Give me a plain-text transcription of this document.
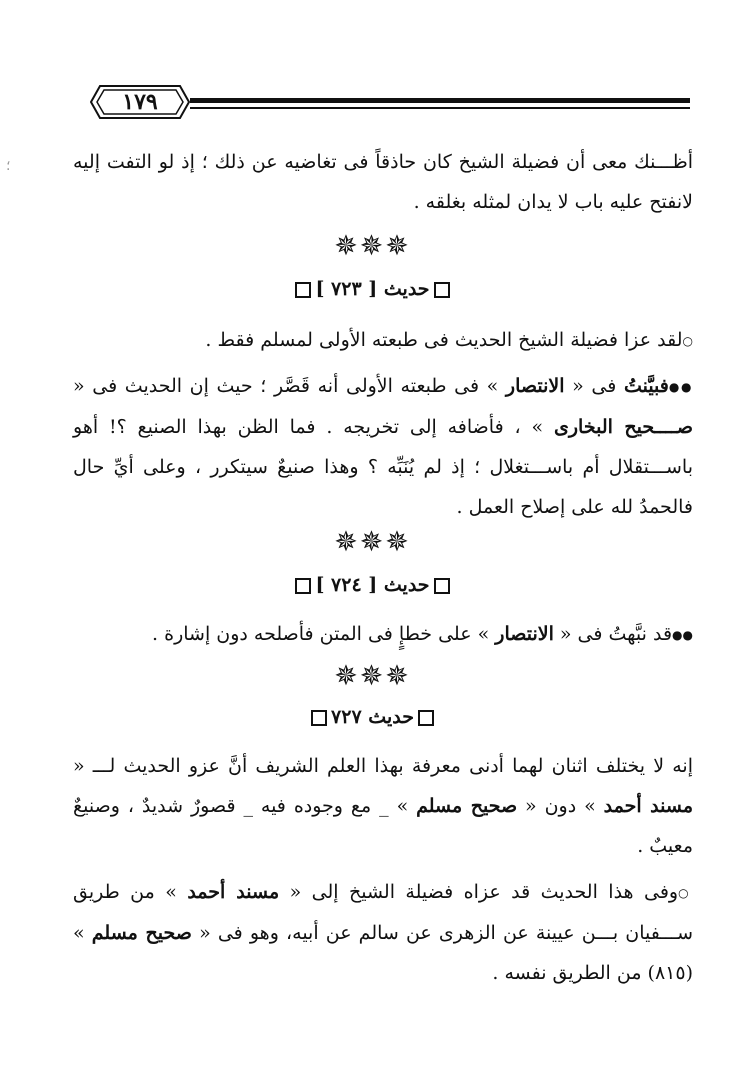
؛
١٧٩
أظـــنك معى أن فضيلة الشيخ كان حاذقاً فى تغاضيه عن ذلك ؛ إذ لو التفت إليه لانفتح عليه باب لا يدان لمثله بغلقه .
✵✵✵
حديث [ ٧٢٣ ]
○لقد عزا فضيلة الشيخ الحديث فى طبعته الأولى لمسلم فقط .
●●فبيَّنتُ فى « الانتصار » فى طبعته الأولى أنه قَصَّر ؛ حيث إن الحديث فى « صــــحيح البخارى » ، فأضافه إلى تخريجه . فما الظن بهذا الصنيع ؟! أهو باســـتقلال أم باســـتغلال ؛ إذ لم يُنَبِّه ؟ وهذا صنيعٌ سيتكرر ، وعلى أيِّ حال فالحمدُ لله على إصلاح العمل .
✵✵✵
حديث [ ٧٢٤ ]
●●قد نبَّهتُ فى « الانتصار » على خطإٍ فى المتن فأصلحه دون إشارة .
✵✵✵
حديث ٧٢٧
إنه لا يختلف اثنان لهما أدنى معرفة بهذا العلم الشريف أنَّ عزو الحديث لـــ « مسند أحمد » دون « صحيح مسلم » _ مع وجوده فيه _ قصورٌ شديدٌ ، وصنيعٌ معيبٌ .
○وفى هذا الحديث قد عزاه فضيلة الشيخ إلى « مسند أحمد » من طريق ســـفيان بـــن عيينة عن الزهرى عن سالم عن أبيه، وهو فى « صحيح مسلم » (٨١٥) من الطريق نفسه .
